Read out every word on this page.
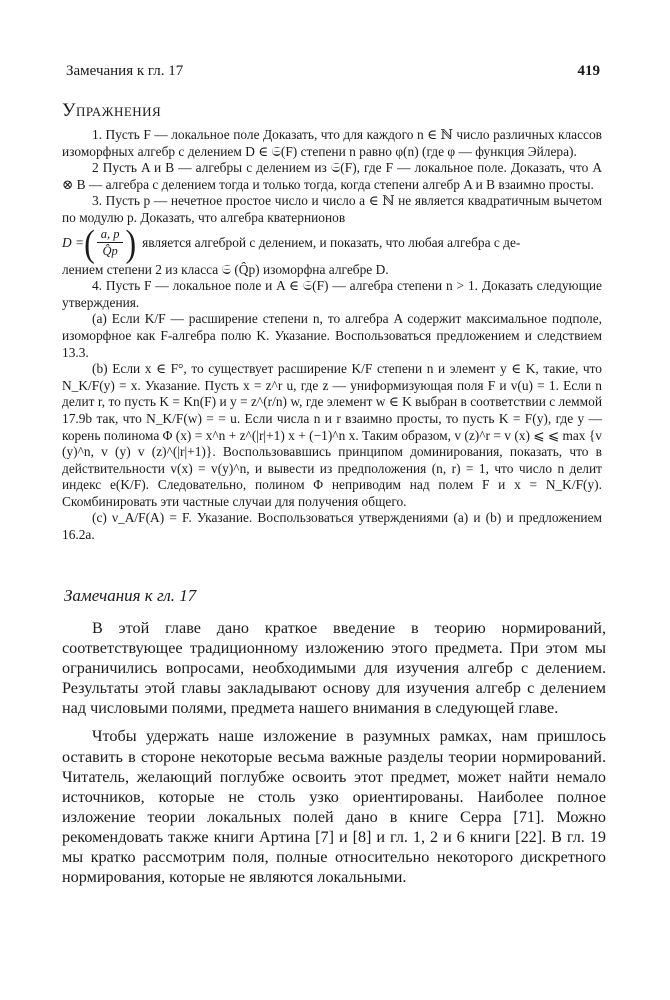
Замечания к гл. 17	419
УПРАЖНЕНИЯ

1. Пусть F — локальное поле Доказать, что для каждого n ∈ ℕ число различных классов изоморфных алгебр с делением D ∈ 𝔖(F) степени n равно φ(n) (где φ — функция Эйлера).

2 Пусть A и B — алгебры с делением из 𝔖(F), где F — локальное поле. Доказать, что A ⊗ B — алгебра с делением тогда и только тогда, когда степени алгебр A и B взаимно просты.

3. Пусть p — нечетное простое число и число a ∈ ℕ не является квадратичным вычетом по модулю p. Доказать, что алгебра кватернионов

D = ( $\frac{a, p}{Q̂p}$ ) является алгеброй с делением, и показать, что любая алгебра с де-

лением степени 2 из класса 𝔖 (Q̂p) изоморфна алгебре D.

4. Пусть F — локальное поле и A ∈ 𝔖(F) — алгебра степени n > 1. Доказать следующие утверждения.

(a) Если K/F — расширение степени n, то алгебра A содержит максимальное подполе, изоморфное как F-алгебра полю K. Указание. Воспользоваться предложением и следствием 13.3.

(b) Если x ∈ F°, то существует расширение K/F степени n и элемент y ∈ K, такие, что N_K/F(y) = x. Указание. Пусть x = z^r u, где z — униформизующая поля F и v(u) = 1. Если n делит r, то пусть K = Kn(F) и y = z^(r/n) w, где элемент w ∈ K выбран в соответствии с леммой 17.9b так, что N_K/F(w) = = u. Если числа n и r взаимно просты, то пусть K = F(y), где y — корень полинома Φ (x) = x^n + z^(|r|+1) x + (−1)^n x. Таким образом, v (z)^r = v (x) ⩽ ⩽ max {v (y)^n, v (y) v (z)^(|r|+1)}. Воспользовавшись принципом доминирования, показать, что в действительности v(x) = v(y)^n, и вывести из предположения (n, r) = 1, что число n делит индекс e(K/F). Следовательно, полином Φ неприводим над полем F и x = N_K/F(y). Скомбинировать эти частные случаи для получения общего.

(c) ν_A/F(A) = F. Указание. Воспользоваться утверждениями (a) и (b) и предложением 16.2a.

Замечания к гл. 17

В этой главе дано краткое введение в теорию нормирований, соответствующее традиционному изложению этого предмета. При этом мы ограничились вопросами, необходимыми для изучения алгебр с делением. Результаты этой главы закладывают основу для изучения алгебр с делением над числовыми полями, предмета нашего внимания в следующей главе.

Чтобы удержать наше изложение в разумных рамках, нам пришлось оставить в стороне некоторые весьма важные разделы теории нормирований. Читатель, желающий поглубже освоить этот предмет, может найти немало источников, которые не столь узко ориентированы. Наиболее полное изложение теории локальных полей дано в книге Серра [71]. Можно рекомендовать также книги Артина [7] и [8] и гл. 1, 2 и 6 книги [22]. В гл. 19 мы кратко рассмотрим поля, полные относительно некоторого дискретного нормирования, которые не являются локальными.
